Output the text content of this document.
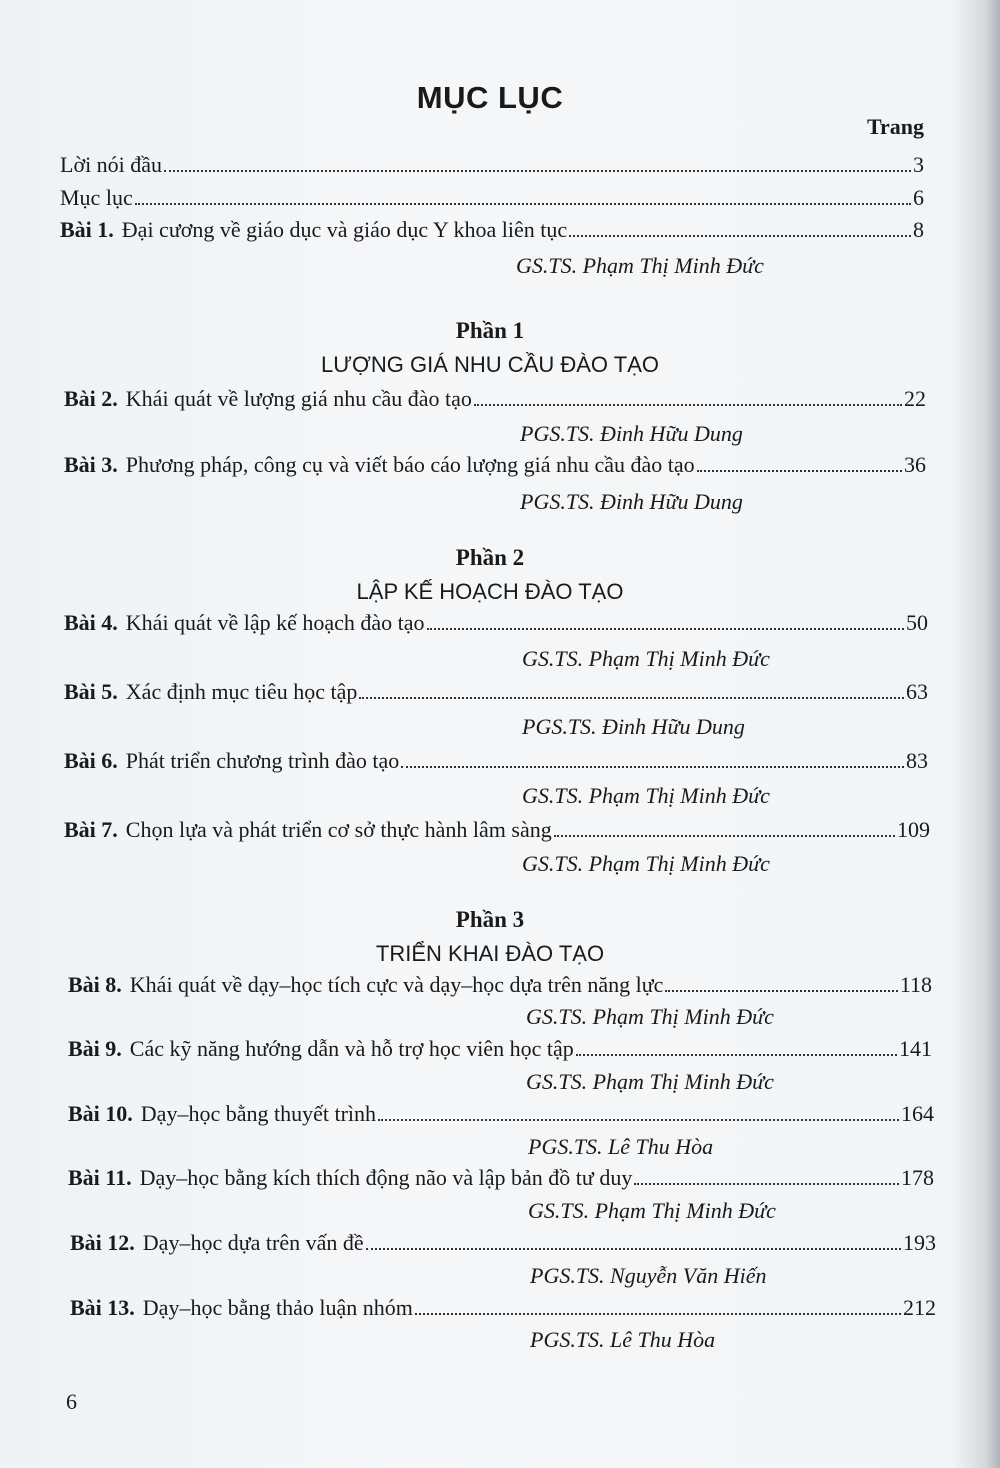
MỤC LỤC
Trang
Lời nói đầu	3
Mục lục	6
Bài 1. Đại cương về giáo dục và giáo dục Y khoa liên tục	8
GS.TS. Phạm Thị Minh Đức
Phần 1
LƯỢNG GIÁ NHU CẦU ĐÀO TẠO
Bài 2. Khái quát về lượng giá nhu cầu đào tạo	22
PGS.TS. Đinh Hữu Dung
Bài 3. Phương pháp, công cụ và viết báo cáo lượng giá nhu cầu đào tạo	36
PGS.TS. Đinh Hữu Dung
Phần 2
LẬP KẾ HOẠCH ĐÀO TẠO
Bài 4. Khái quát về lập kế hoạch đào tạo	50
GS.TS. Phạm Thị Minh Đức
Bài 5. Xác định mục tiêu học tập	63
PGS.TS. Đinh Hữu Dung
Bài 6. Phát triển chương trình đào tạo	83
GS.TS. Phạm Thị Minh Đức
Bài 7. Chọn lựa và phát triển cơ sở thực hành lâm sàng	109
GS.TS. Phạm Thị Minh Đức
Phần 3
TRIỂN KHAI ĐÀO TẠO
Bài 8. Khái quát về dạy–học tích cực và dạy–học dựa trên năng lực	118
GS.TS. Phạm Thị Minh Đức
Bài 9. Các kỹ năng hướng dẫn và hỗ trợ học viên học tập	141
GS.TS. Phạm Thị Minh Đức
Bài 10. Dạy–học bằng thuyết trình	164
PGS.TS. Lê Thu Hòa
Bài 11. Dạy–học bằng kích thích động não và lập bản đồ tư duy	178
GS.TS. Phạm Thị Minh Đức
Bài 12. Dạy–học dựa trên vấn đề	193
PGS.TS. Nguyễn Văn Hiến
Bài 13. Dạy–học bằng thảo luận nhóm	212
PGS.TS. Lê Thu Hòa
6
